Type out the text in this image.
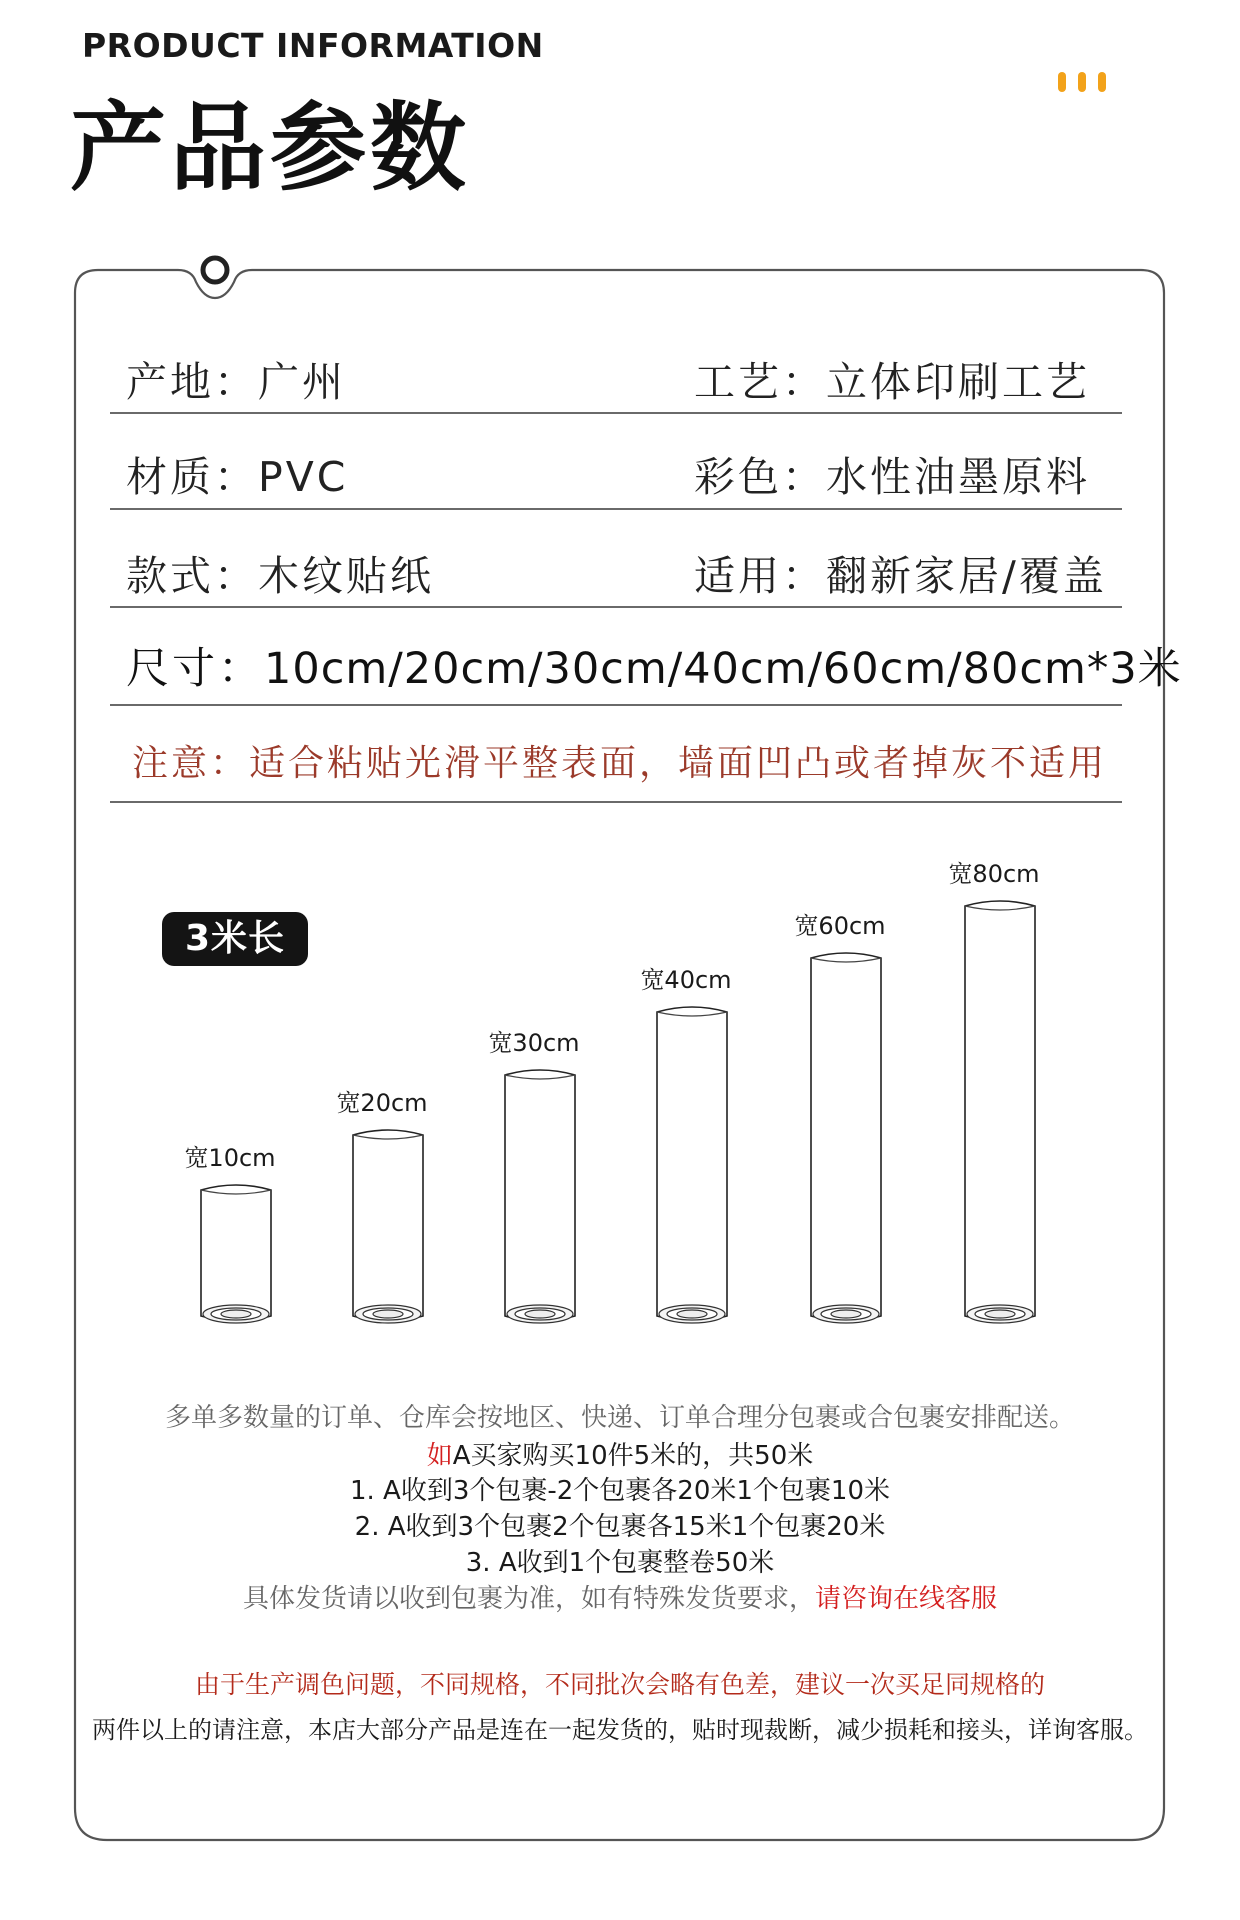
PRODUCT INFORMATION
产品参数
产地：广州	工艺：立体印刷工艺
材质：PVC	彩色：水性油墨原料
款式：木纹贴纸	适用：翻新家居/覆盖
尺寸：10cm/20cm/30cm/40cm/60cm/80cm*3米
注意：适合粘贴光滑平整表面，墙面凹凸或者掉灰不适用
3米长
宽10cm
宽20cm
宽30cm
宽40cm
宽60cm
宽80cm
多单多数量的订单、仓库会按地区、快递、订单合理分包裹或合包裹安排配送。
如A买家购买10件5米的，共50米
1. A收到3个包裹-2个包裹各20米1个包裹10米
2. A收到3个包裹2个包裹各15米1个包裹20米
3. A收到1个包裹整卷50米
具体发货请以收到包裹为准，如有特殊发货要求，请咨询在线客服
由于生产调色问题，不同规格，不同批次会略有色差，建议一次买足同规格的
两件以上的请注意，本店大部分产品是连在一起发货的，贴时现裁断，减少损耗和接头，详询客服。
